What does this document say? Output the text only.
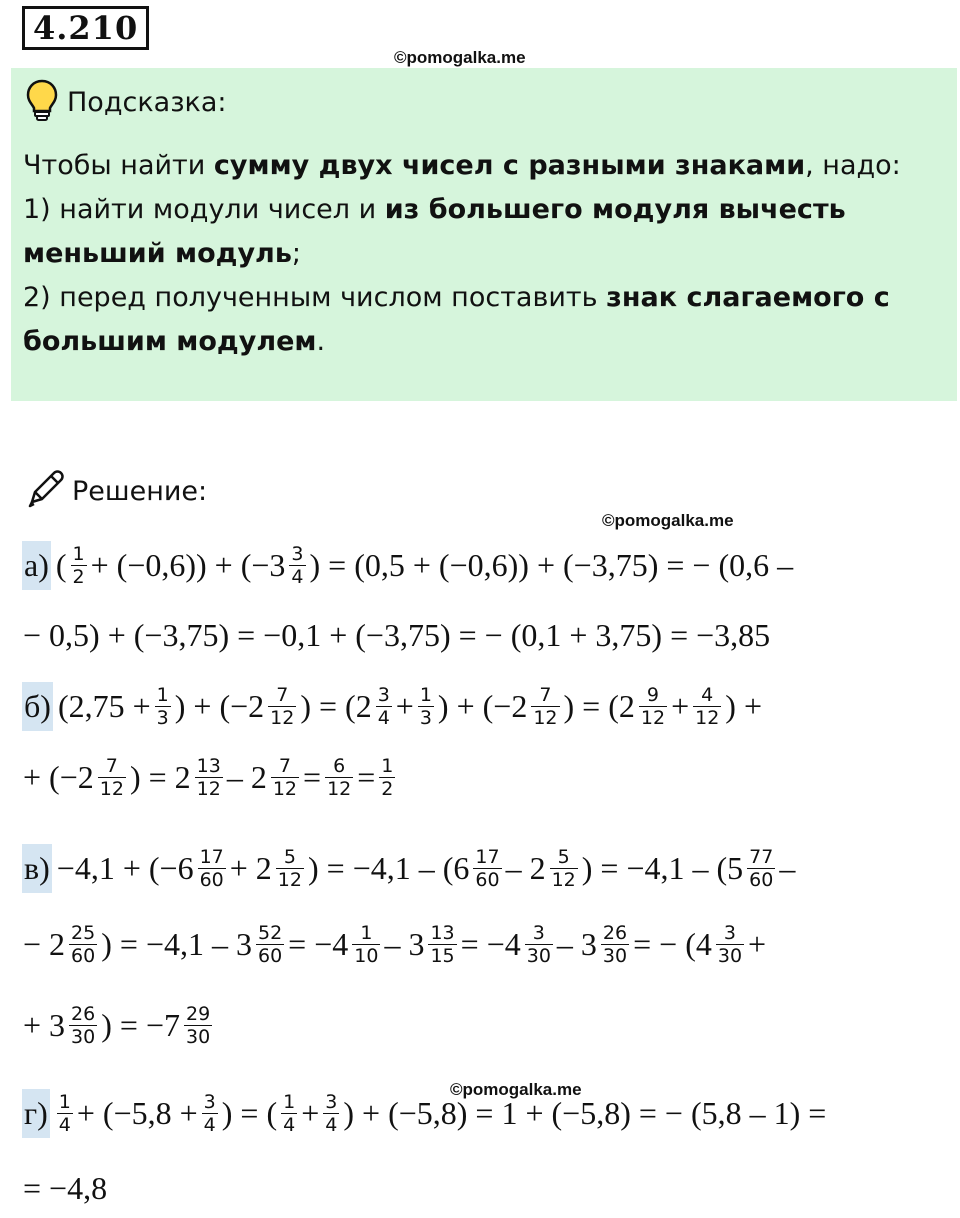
4.210
©pomogalka.me
Подсказка:
Чтобы найти сумму двух чисел с разными знаками, надо:
1) найти модули чисел и из большего модуля вычесть
меньший модуль;
2) перед полученным числом поставить знак слагаемого с
большим модулем.
Решение:
©pomogalka.me
©pomogalka.me
а) ( $\frac{1}{2} + (-0,6)) + (-3 \frac{3}{4}$ ) = (0,5 + (−0,6)) + (−3,75) = − (0,6 –
− 0,5) + (−3,75) = −0,1 + (−3,75) = − (0,1 + 3,75) = −3,85
б) ($2,75 + \frac{1}{3}$ ) + ($-2 \frac{7}{12}$ ) = ($2 \frac{3}{4} + \frac{1}{3}$ ) + ($-2 \frac{7}{12}$ ) = ($2 \frac{9}{12} + \frac{4}{12}$ ) +
+ ($-2 \frac{7}{12}$ ) = $2 \frac{13}{12} - 2 \frac{7}{12} = \frac{6}{12} = \frac{1}{2}$
$в) -4,1 + (-6 \frac{17}{60} + 2 \frac{5}{12}$ ) = $-4,1 - (6 \frac{17}{60} - 2 \frac{5}{12}$ ) = $-4,1 - (5 \frac{77}{60}$ –
− $2 \frac{25}{60}$ ) = $-4,1 - 3 \frac{52}{60} = -4 \frac{1}{10} - 3 \frac{13}{15} = -4 \frac{3}{30} - 3 \frac{26}{30}$ = − ($4 \frac{3}{30}$ +
+ $3 \frac{26}{30}$ ) = $-7 \frac{29}{30}$
$г) \frac{1}{4} + (-5,8 + \frac{3}{4}$ ) = ( $\frac{1}{4} + \frac{3}{4}$ ) + (−5,8) = 1 + (−5,8) = − (5,8 – 1) =
= −4,8
